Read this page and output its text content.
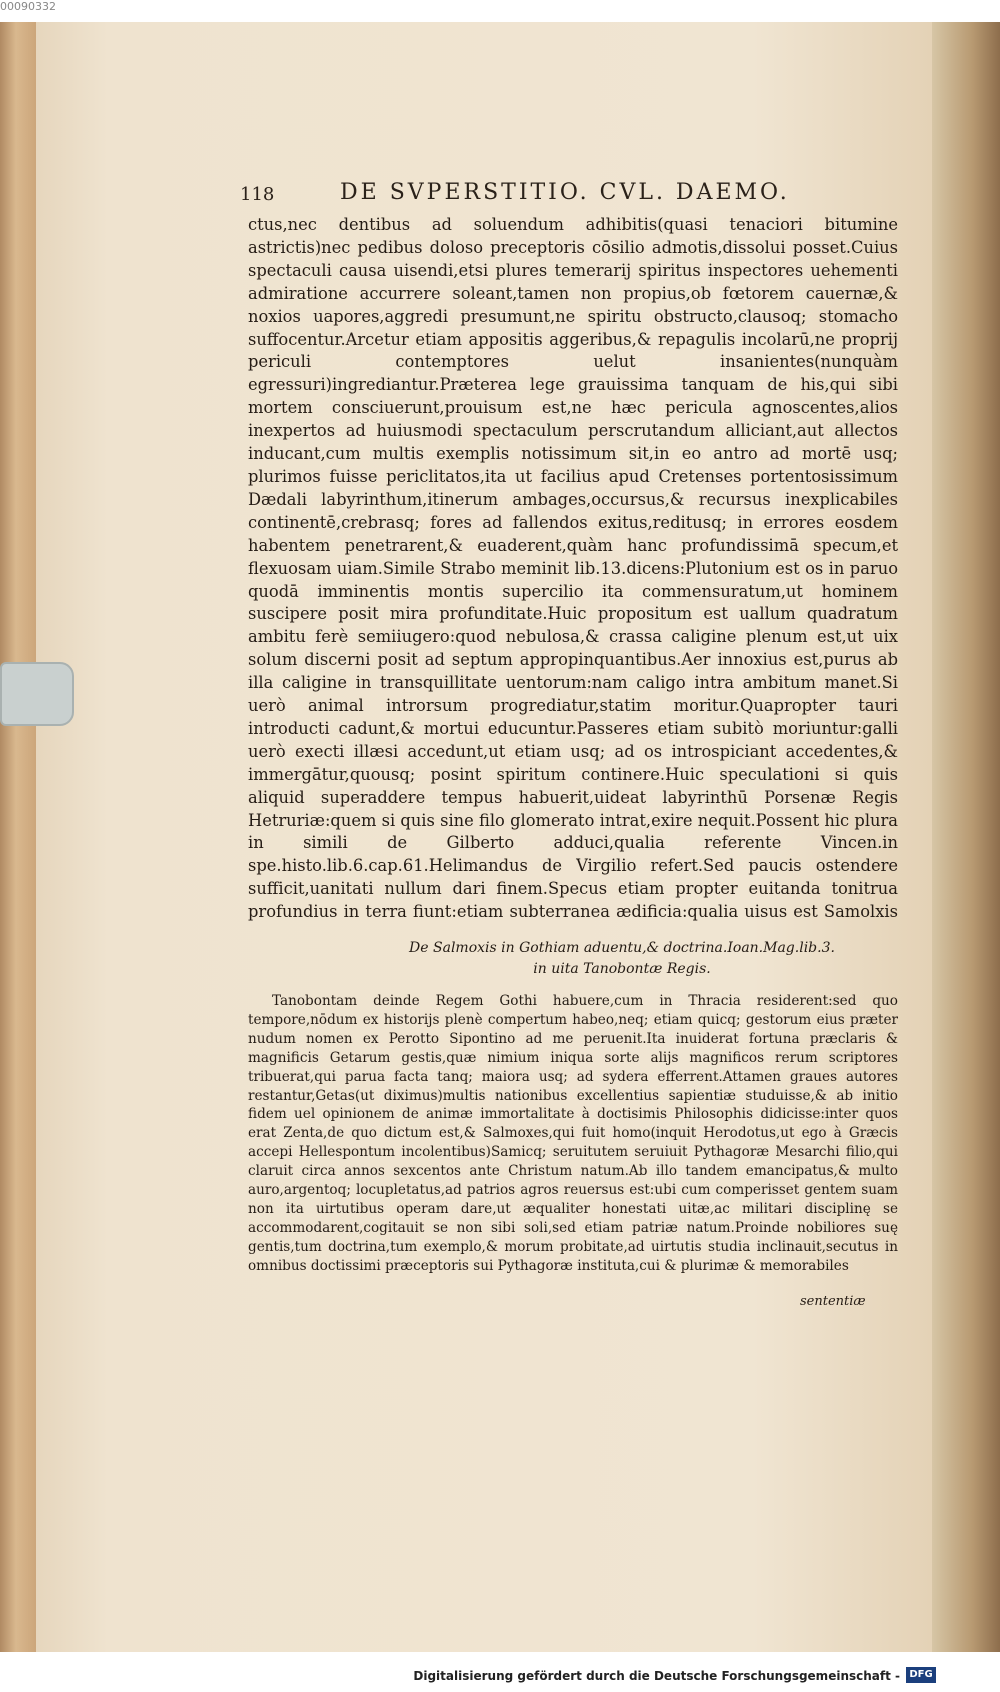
00090332
118	DE SVPERSTITIO. CVL. DAEMO.
ctus,nec dentibus ad soluendum adhibitis(quasi tenaciori bitumine astrictis)nec pedibus doloso preceptoris cōsilio admotis,dissolui posset.Cuius spectaculi causa uisendi,etsi plures temerarij spiritus inspectores uehementi admiratione accurrere soleant,tamen non propius,ob fœtorem cauernæ,& noxios uapores,aggredi presumunt,ne spiritu obstructo,clausoq; stomacho suffocentur.Arcetur etiam appositis aggeribus,& repagulis incolarū,ne proprij periculi contemptores uelut insanientes(nunquàm egressuri)ingrediantur.Præterea lege grauissima tanquam de his,qui sibi mortem consciuerunt,prouisum est,ne hæc pericula agnoscentes,alios inexpertos ad huiusmodi spectaculum perscrutandum alliciant,aut allectos inducant,cum multis exemplis notissimum sit,in eo antro ad mortē usq; plurimos fuisse periclitatos,ita ut facilius apud Cretenses portentosissimum Dædali labyrinthum,itinerum ambages,occursus,& recursus inexplicabiles continentē,crebrasq; fores ad fallendos exitus,reditusq; in errores eosdem habentem penetrarent,& euaderent,quàm hanc profundissimā specum,et flexuosam uiam.Simile Strabo meminit lib.13.dicens:Plutonium est os in paruo quodā imminentis montis supercilio ita commensuratum,ut hominem suscipere posit mira profunditate.Huic propositum est uallum quadratum ambitu ferè semiiugero:quod nebulosa,& crassa caligine plenum est,ut uix solum discerni posit ad septum appropinquantibus.Aer innoxius est,purus ab illa caligine in transquillitate uentorum:nam caligo intra ambitum manet.Si uerò animal introrsum progrediatur,statim moritur.Quapropter tauri introducti cadunt,& mortui educuntur.Passeres etiam subitò moriuntur:galli uerò execti illæsi accedunt,ut etiam usq; ad os introspiciant accedentes,& immergātur,quousq; posint spiritum continere.Huic speculationi si quis aliquid superaddere tempus habuerit,uideat labyrinthū Porsenæ Regis Hetruriæ:quem si quis sine filo glomerato intrat,exire nequit.Possent hic plura in simili de Gilberto adduci,qualia referente Vincen.in spe.histo.lib.6.cap.61.Helimandus de Virgilio refert.Sed paucis ostendere sufficit,uanitati nullum dari finem.Specus etiam propter euitanda tonitrua profundius in terra fiunt:etiam subterranea ædificia:qualia uisus est Samolxis
De Salmoxis in Gothiam aduentu,& doctrina.Ioan.Mag.lib.3.
in uita Tanobontæ Regis.

Tanobontam deinde Regem Gothi habuere,cum in Thracia residerent:sed quo tempore,nōdum ex historijs plenè compertum habeo,neq; etiam quicq; gestorum eius præter nudum nomen ex Perotto Sipontino ad me peruenit.Ita inuiderat fortuna præclaris & magnificis Getarum gestis,quæ nimium iniqua sorte alijs magnificos rerum scriptores tribuerat,qui parua facta tanq; maiora usq; ad sydera efferrent.Attamen graues autores restantur,Getas(ut diximus)multis nationibus excellentius sapientiæ studuisse,& ab initio fidem uel opinionem de animæ immortalitate à doctisimis Philosophis didicisse:inter quos erat Zenta,de quo dictum est,& Salmoxes,qui fuit homo(inquit Herodotus,ut ego à Græcis accepi Hellespontum incolentibus)Samicq; seruitutem seruiuit Pythagoræ Mesarchi filio,qui claruit circa annos sexcentos ante Christum natum.Ab illo tandem emancipatus,& multo auro,argentoq; locupletatus,ad patrios agros reuersus est:ubi cum comperisset gentem suam non ita uirtutibus operam dare,ut æqualiter honestati uitæ,ac militari disciplinę se accommodarent,cogitauit se non sibi soli,sed etiam patriæ natum.Proinde nobiliores suę gentis,tum doctrina,tum exemplo,& morum probitate,ad uirtutis studia inclinauit,secutus in omnibus doctissimi præceptoris sui Pythagoræ instituta,cui & plurimæ & memorabiles

sententiæ
Digitalisierung gefördert durch die Deutsche Forschungsgemeinschaft - DFG
